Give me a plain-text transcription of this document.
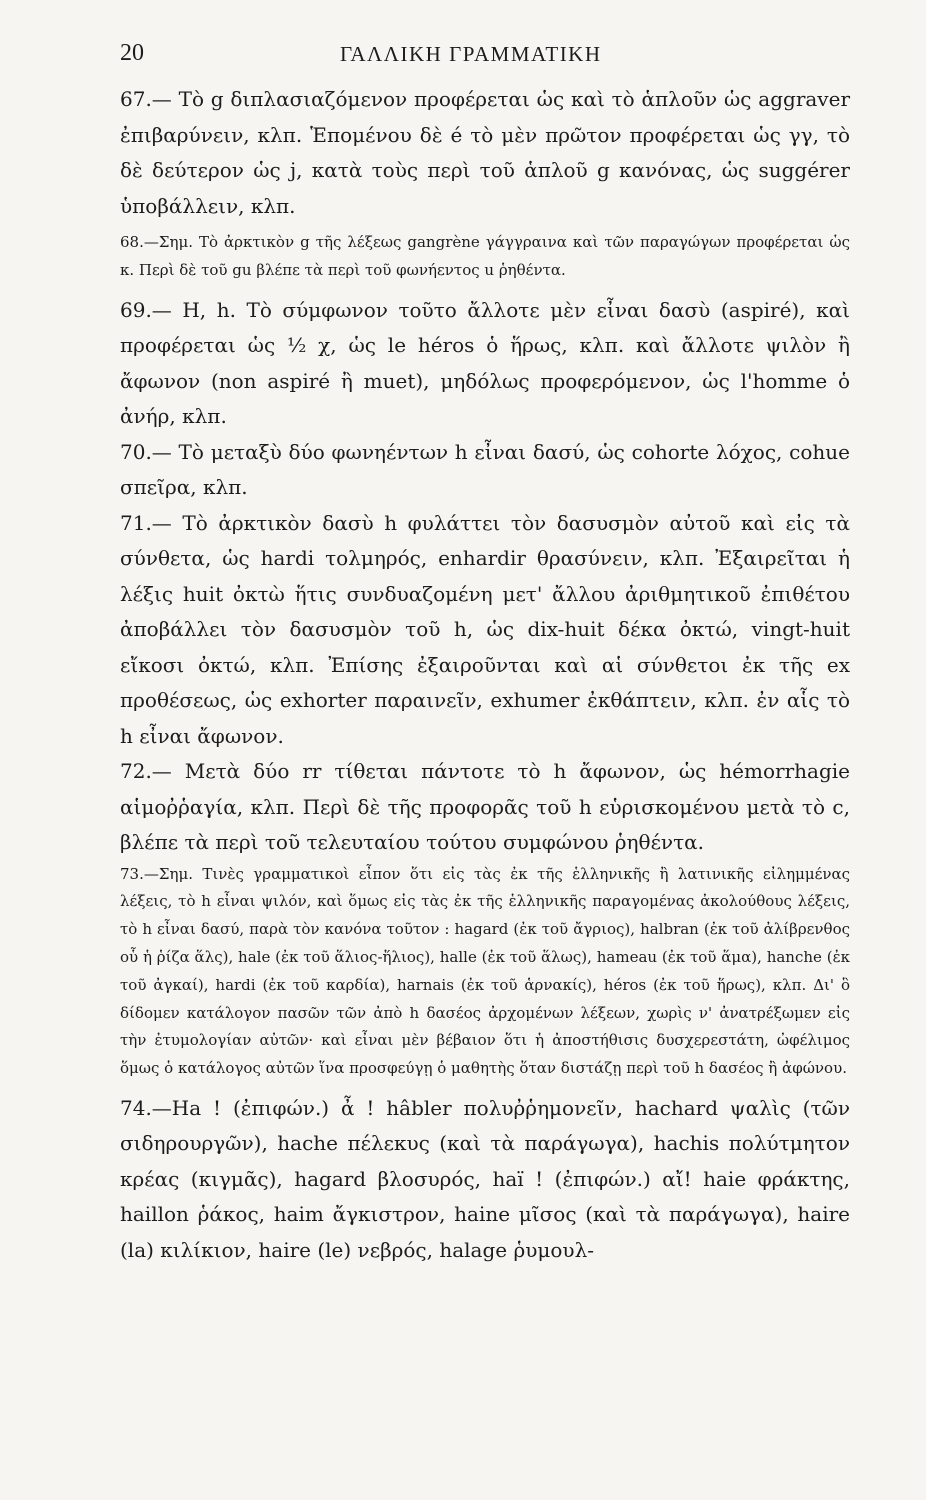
20	ΓΑΛΛΙΚΗ ΓΡΑΜΜΑΤΙΚΗ

67.— Τὸ g διπλασιαζόμενον προφέρεται ὡς καὶ τὸ ἁπλοῦν ὡς aggraver ἐπιβαρύνειν, κλπ. Ἑπομένου δὲ é τὸ μὲν πρῶτον προφέρεται ὡς γγ, τὸ δὲ δεύτερον ὡς j, κατὰ τοὺς περὶ τοῦ ἁπλοῦ g κανόνας, ὡς suggérer ὑποβάλλειν, κλπ.

68.—Σημ. Τὸ ἀρκτικὸν g τῆς λέξεως gangrène γάγγραινα καὶ τῶν παραγώγων προφέρεται ὡς κ. Περὶ δὲ τοῦ gu βλέπε τὰ περὶ τοῦ φωνήεντος u ῥηθέντα.

69.— H, h. Τὸ σύμφωνον τοῦτο ἄλλοτε μὲν εἶναι δασὺ (aspiré), καὶ προφέρεται ὡς ½ χ, ὡς le héros ὁ ἥρως, κλπ. καὶ ἄλλοτε ψιλὸν ἢ ἄφωνον (non aspiré ἢ muet), μηδόλως προφερόμενον, ὡς l'homme ὁ ἀνήρ, κλπ.

70.— Τὸ μεταξὺ δύο φωνηέντων h εἶναι δασύ, ὡς cohorte λόχος, cohue σπεῖρα, κλπ.

71.— Τὸ ἀρκτικὸν δασὺ h φυλάττει τὸν δασυσμὸν αὐτοῦ καὶ εἰς τὰ σύνθετα, ὡς hardi τολμηρός, enhardir θρασύνειν, κλπ. Ἐξαιρεῖται ἡ λέξις huit ὀκτὼ ἥτις συνδυαζομένη μετ' ἄλλου ἀριθμητικοῦ ἐπιθέτου ἀποβάλλει τὸν δασυσμὸν τοῦ h, ὡς dix-huit δέκα ὀκτώ, vingt-huit εἴκοσι ὀκτώ, κλπ. Ἐπίσης ἐξαιροῦνται καὶ αἱ σύνθετοι ἐκ τῆς ex προθέσεως, ὡς exhorter παραινεῖν, exhumer ἐκθάπτειν, κλπ. ἐν αἷς τὸ h εἶναι ἄφωνον.

72.— Μετὰ δύο rr τίθεται πάντοτε τὸ h ἄφωνον, ὡς hémorrhagie αἱμοῤῥαγία, κλπ. Περὶ δὲ τῆς προφορᾶς τοῦ h εὑρισκομένου μετὰ τὸ c, βλέπε τὰ περὶ τοῦ τελευταίου τούτου συμφώνου ῥηθέντα.

73.—Σημ. Τινὲς γραμματικοὶ εἶπον ὅτι εἰς τὰς ἐκ τῆς ἑλληνικῆς ἢ λατινικῆς εἰλημμένας λέξεις, τὸ h εἶναι ψιλόν, καὶ ὅμως εἰς τὰς ἐκ τῆς ἑλληνικῆς παραγομένας ἀκολούθους λέξεις, τὸ h εἶναι δασύ, παρὰ τὸν κανόνα τοῦτον : hagard (ἐκ τοῦ ἄγριος), halbran (ἐκ τοῦ ἀλίβρενθος οὗ ἡ ῥίζα ἅλς), hale (ἐκ τοῦ ἅλιος-ἥλιος), halle (ἐκ τοῦ ἅλως), hameau (ἐκ τοῦ ἅμα), hanche (ἐκ τοῦ ἀγκαί), hardi (ἐκ τοῦ καρδία), harnais (ἐκ τοῦ ἁρνακίς), héros (ἐκ τοῦ ἥρως), κλπ. Δι' ὃ δίδομεν κατάλογον πασῶν τῶν ἀπὸ h δασέος ἀρχομένων λέξεων, χωρὶς ν' ἀνατρέξωμεν εἰς τὴν ἐτυμολογίαν αὐτῶν· καὶ εἶναι μὲν βέβαιον ὅτι ἡ ἀποστήθισις δυσχερεστάτη, ὠφέλιμος ὅμως ὁ κατάλογος αὐτῶν ἵνα προσφεύγῃ ὁ μαθητὴς ὅταν διστάζῃ περὶ τοῦ h δασέος ἢ ἀφώνου.

74.—Ha ! (ἐπιφών.) ἆ ! hâbler πολυῤῥημονεῖν, hachard ψαλὶς (τῶν σιδηρουργῶν), hache πέλεκυς (καὶ τὰ παράγωγα), hachis πολύτμητον κρέας (κιγμᾶς), hagard βλοσυρός, haï ! (ἐπιφών.) αἴ! haie φράκτης, haillon ῥάκος, haim ἄγκιστρον, haine μῖσος (καὶ τὰ παράγωγα), haire (la) κιλίκιον, haire (le) νεβρός, halage ῥυμουλ-
